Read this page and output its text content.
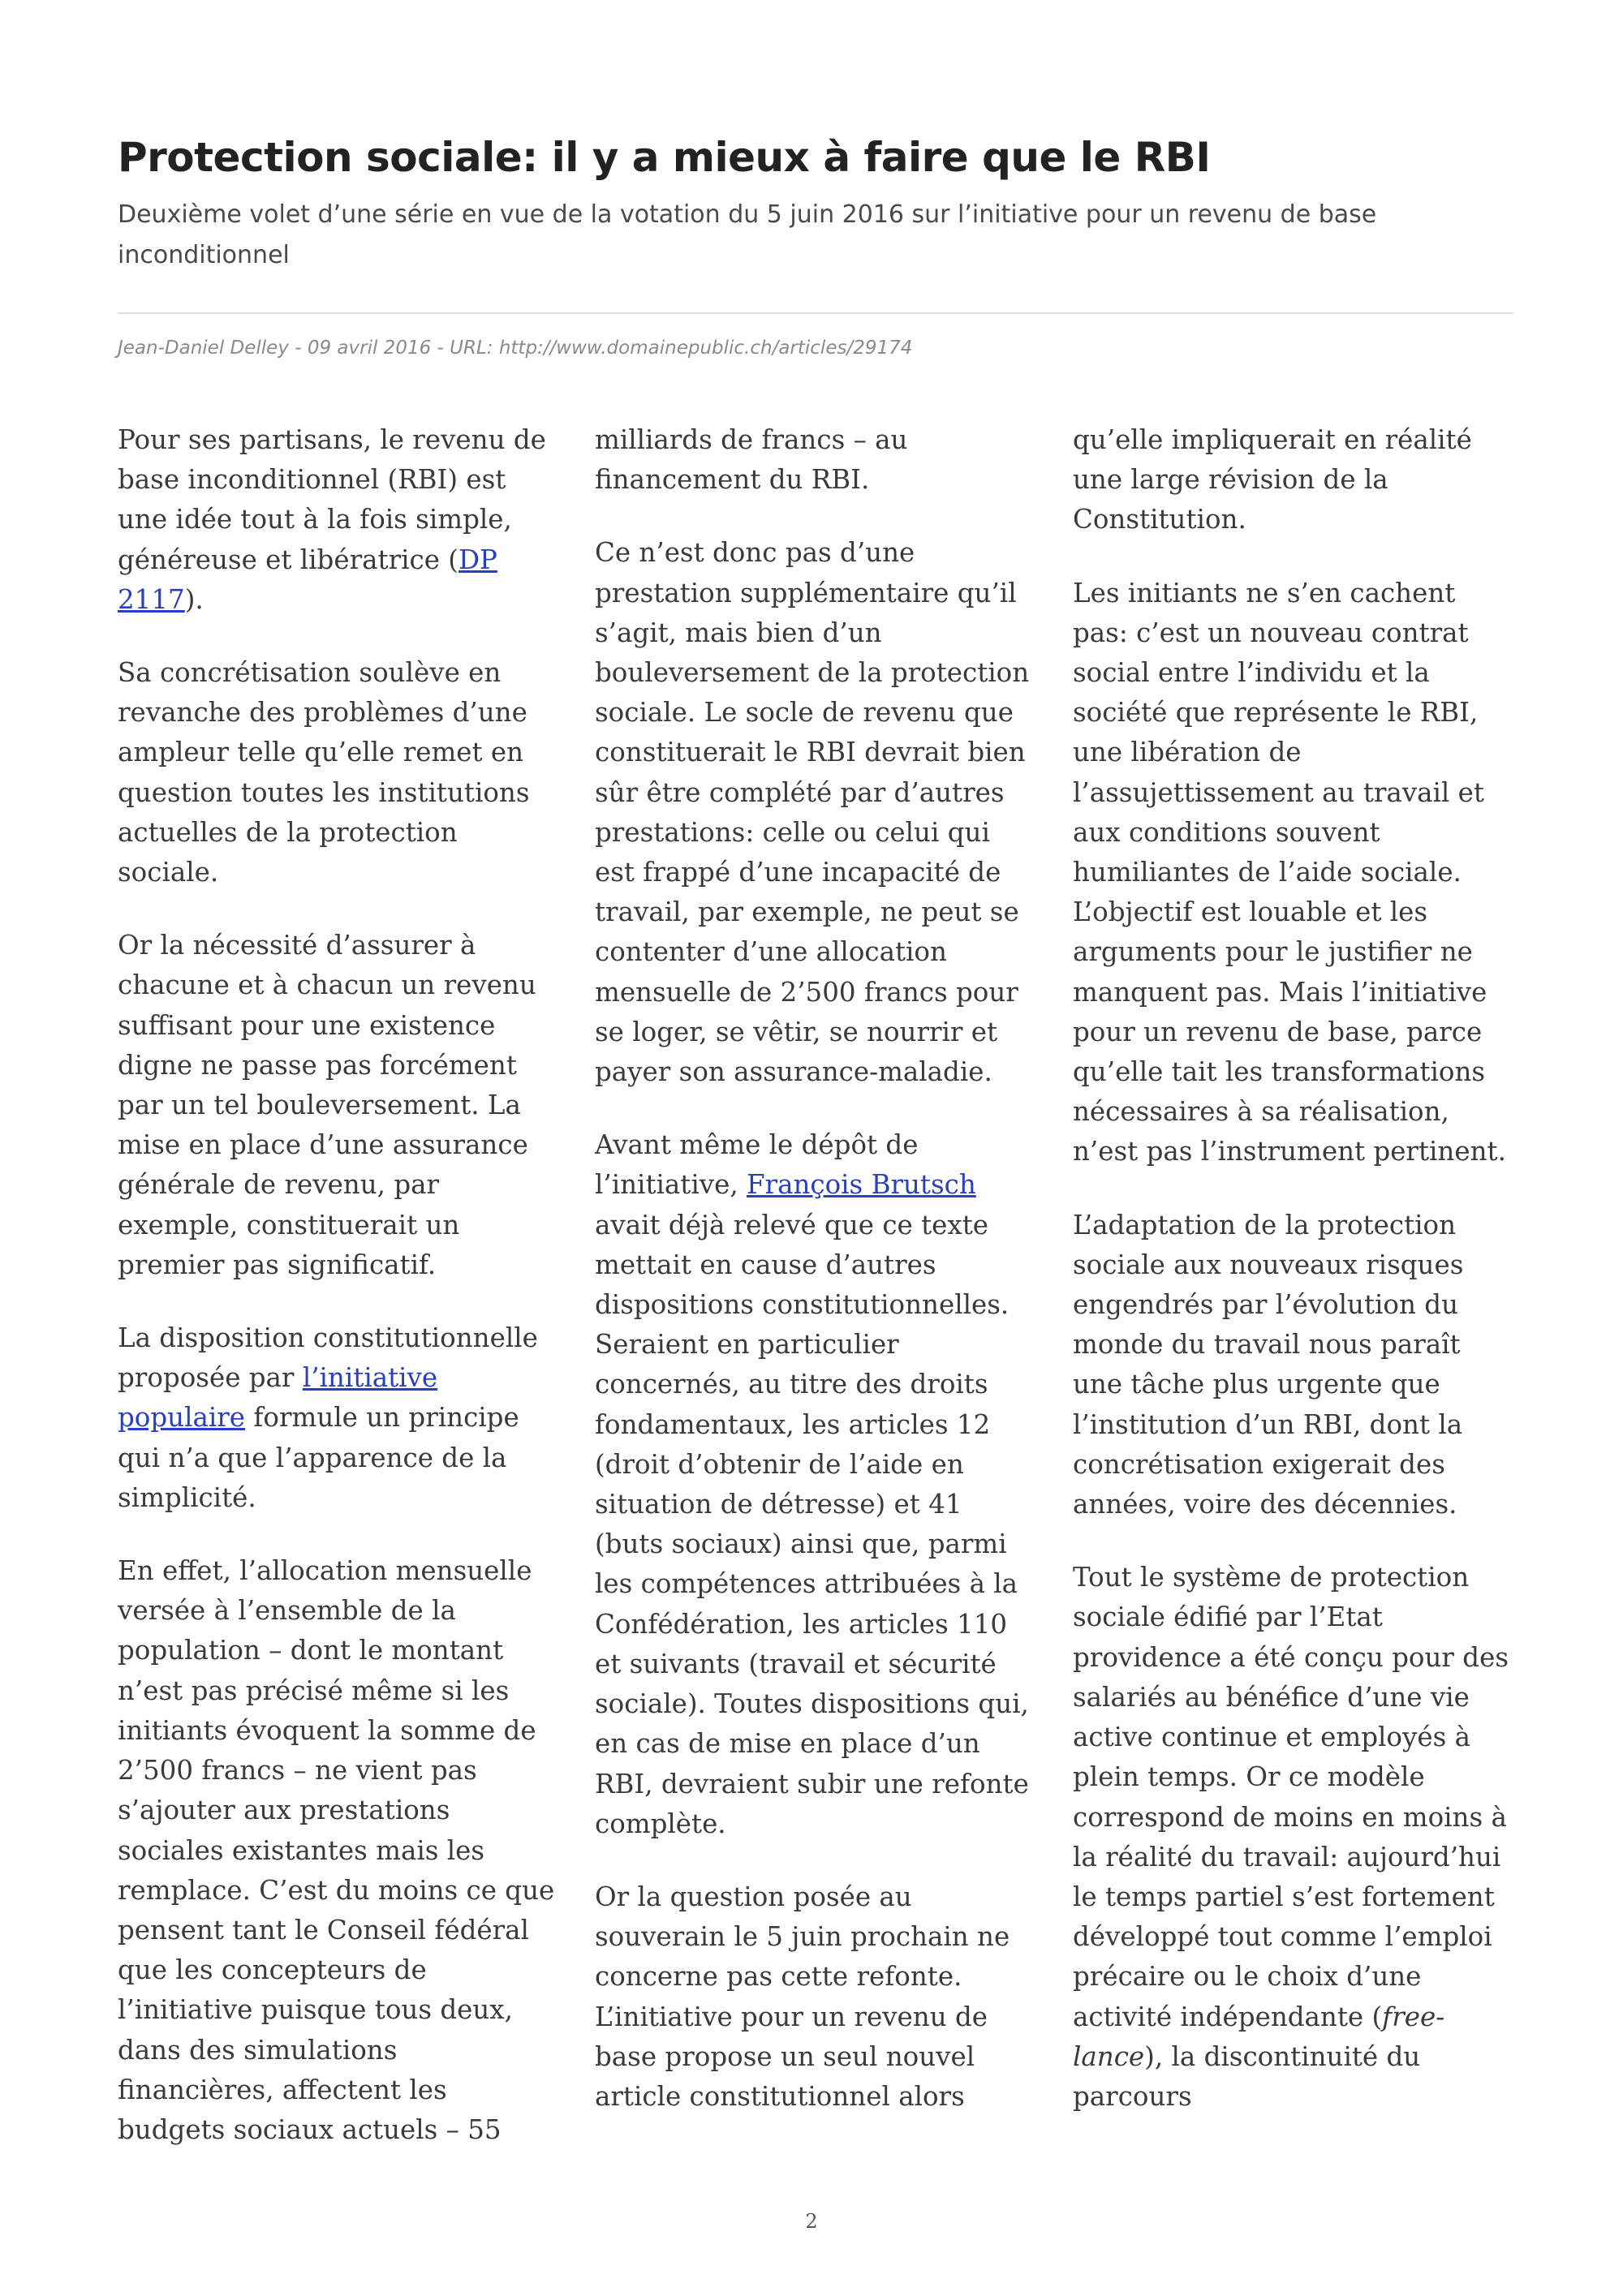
Protection sociale: il y a mieux à faire que le RBI

Deuxième volet d’une série en vue de la votation du 5 juin 2016 sur l’initiative pour un revenu de base inconditionnel

Jean-Daniel Delley - 09 avril 2016 - URL: http://www.domainepublic.ch/articles/29174

Pour ses partisans, le revenu de base inconditionnel (RBI) est une idée tout à la fois simple, généreuse et libératrice (DP 2117).

Sa concrétisation soulève en revanche des problèmes d’une ampleur telle qu’elle remet en question toutes les institutions actuelles de la protection sociale.

Or la nécessité d’assurer à chacune et à chacun un revenu suffisant pour une existence digne ne passe pas forcément par un tel bouleversement. La mise en place d’une assurance générale de revenu, par exemple, constituerait un premier pas significatif.

La disposition constitutionnelle proposée par l’initiative populaire formule un principe qui n’a que l’apparence de la simplicité.

En effet, l’allocation mensuelle versée à l’ensemble de la population – dont le montant n’est pas précisé même si les initiants évoquent la somme de 2’500 francs – ne vient pas s’ajouter aux prestations sociales existantes mais les remplace. C’est du moins ce que pensent tant le Conseil fédéral que les concepteurs de l’initiative puisque tous deux, dans des simulations financières, affectent les budgets sociaux actuels – 55

milliards de francs – au financement du RBI.

Ce n’est donc pas d’une prestation supplémentaire qu’il s’agit, mais bien d’un bouleversement de la protection sociale. Le socle de revenu que constituerait le RBI devrait bien sûr être complété par d’autres prestations: celle ou celui qui est frappé d’une incapacité de travail, par exemple, ne peut se contenter d’une allocation mensuelle de 2’500 francs pour se loger, se vêtir, se nourrir et payer son assurance-maladie.

Avant même le dépôt de l’initiative, François Brutsch avait déjà relevé que ce texte mettait en cause d’autres dispositions constitutionnelles. Seraient en particulier concernés, au titre des droits fondamentaux, les articles 12 (droit d’obtenir de l’aide en situation de détresse) et 41 (buts sociaux) ainsi que, parmi les compétences attribuées à la Confédération, les articles 110 et suivants (travail et sécurité sociale). Toutes dispositions qui, en cas de mise en place d’un RBI, devraient subir une refonte complète.

Or la question posée au souverain le 5 juin prochain ne concerne pas cette refonte. L’initiative pour un revenu de base propose un seul nouvel article constitutionnel alors

qu’elle impliquerait en réalité une large révision de la Constitution.

Les initiants ne s’en cachent pas: c’est un nouveau contrat social entre l’individu et la société que représente le RBI, une libération de l’assujettissement au travail et aux conditions souvent humiliantes de l’aide sociale. L’objectif est louable et les arguments pour le justifier ne manquent pas. Mais l’initiative pour un revenu de base, parce qu’elle tait les transformations nécessaires à sa réalisation, n’est pas l’instrument pertinent.

L’adaptation de la protection sociale aux nouveaux risques engendrés par l’évolution du monde du travail nous paraît une tâche plus urgente que l’institution d’un RBI, dont la concrétisation exigerait des années, voire des décennies.

Tout le système de protection sociale édifié par l’Etat providence a été conçu pour des salariés au bénéfice d’une vie active continue et employés à plein temps. Or ce modèle correspond de moins en moins à la réalité du travail: aujourd’hui le temps partiel s’est fortement développé tout comme l’emploi précaire ou le choix d’une activité indépendante (free-lance), la discontinuité du parcours

2
